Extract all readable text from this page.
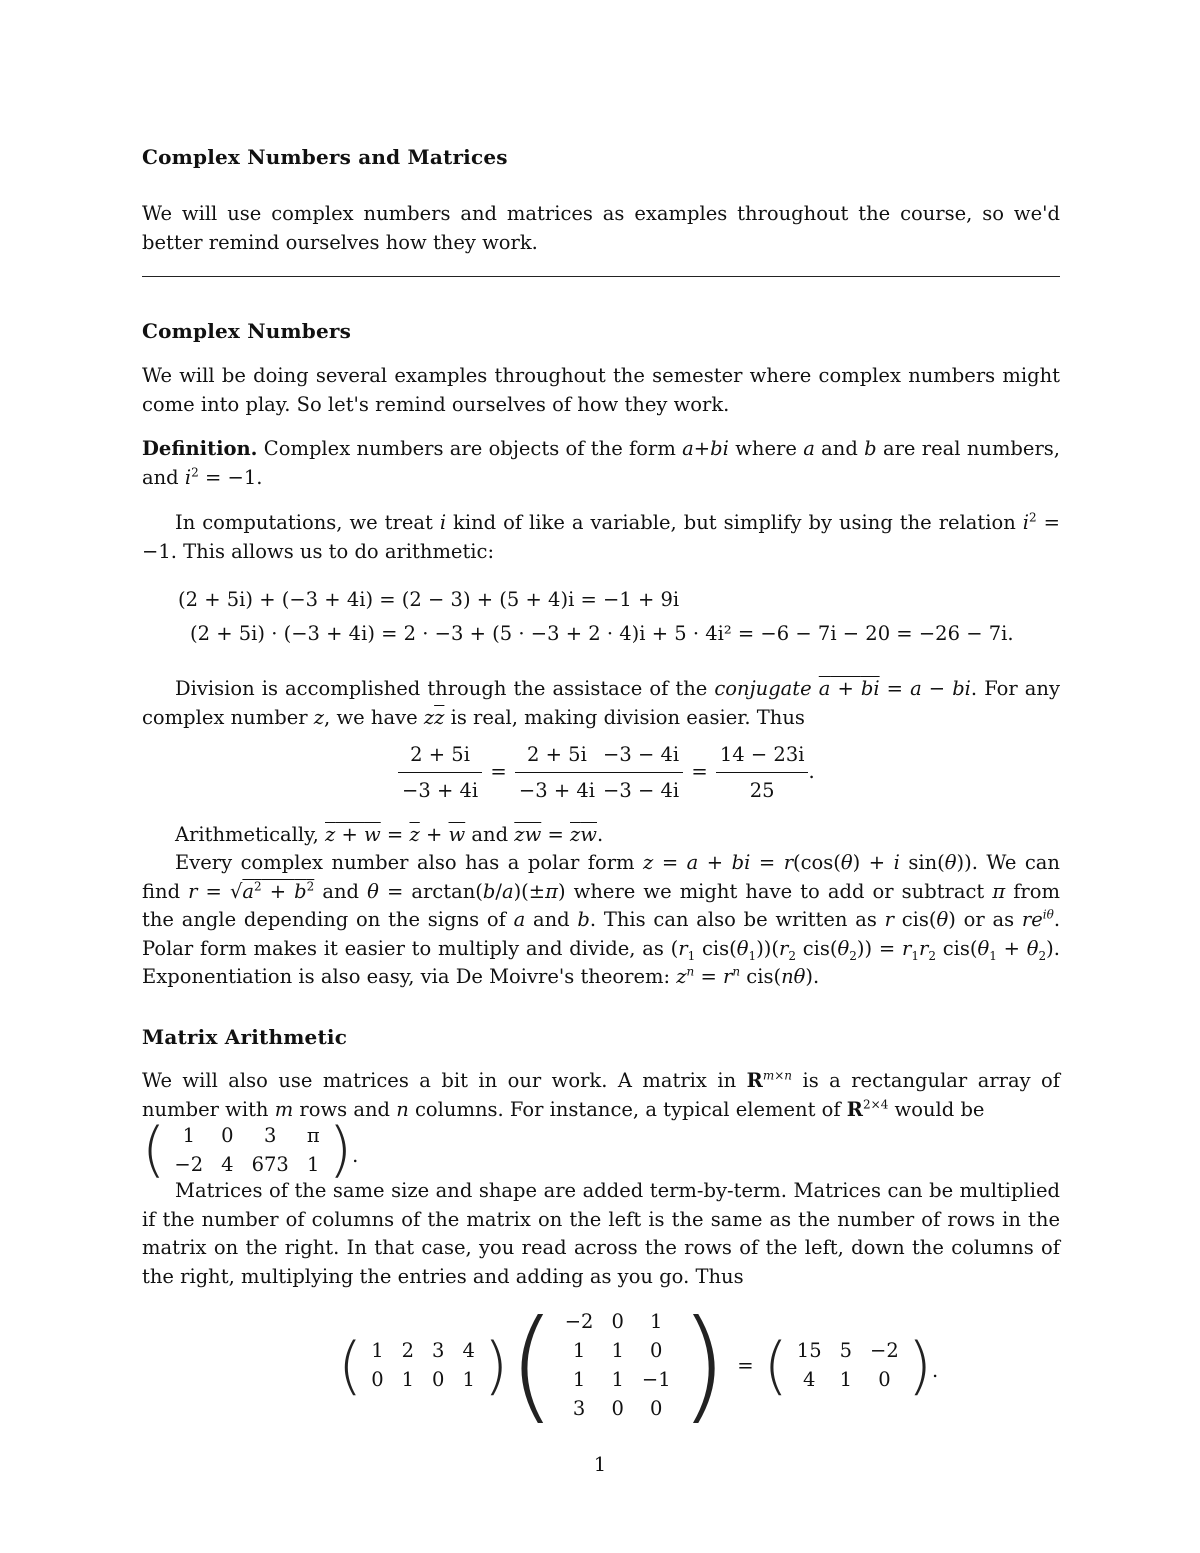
Complex Numbers and Matrices
We will use complex numbers and matrices as examples throughout the course, so we'd better remind ourselves how they work.
Complex Numbers
We will be doing several examples throughout the semester where complex numbers might come into play. So let's remind ourselves of how they work.
Definition. Complex numbers are objects of the form a+bi where a and b are real numbers, and $i^2 = -1$.
In computations, we treat i kind of like a variable, but simplify by using the relation $i^2 = -1$. This allows us to do arithmetic:
(2 + 5i) + (−3 + 4i) = (2 − 3) + (5 + 4)i = −1 + 9i
(2 + 5i) · (−3 + 4i) = 2 · −3 + (5 · −3 + 2 · 4)i + 5 · 4i² = −6 − 7i − 20 = −26 − 7i.
Division is accomplished through the assistace of the conjugate a + bi = a − bi. For any complex number z, we have $z\overline{z}$ is real, making division easier. Thus
$\frac{2 + 5i}{-3 + 4i} = \frac{2 + 5i}{-3 + 4i} \frac{-3 - 4i}{-3 - 4i} = \frac{14 - 23i}{25}$ .
Arithmetically, $z + w = \overline{z} + \overline{w}$ and $\overline{zw} = \overline{z}\overline{w}$.
Every complex number also has a polar form z = a + bi = r(cos(θ) + i sin(θ)). We can find $r = √a^2 + b^2$ and θ = arctan(b/a)(±π) where we might have to add or subtract π from the angle depending on the signs of a and b. This can also be written as r cis(θ) or as $re^{i\theta}$. Polar form makes it easier to multiply and divide, as ($r_1$ $cis(\theta_1))(r_2$ $cis(\theta_2)) = r_1r_2$ $cis(\theta_1 + \theta_2)$. Exponentiation is also easy, via De Moivre's theorem: $z^n = r^n$ cis(nθ).
Matrix Arithmetic
We will also use matrices a bit in our work. A matrix in $R^{m\times n}$ is a rectangular array of number with m rows and n columns. For instance, a typical element of $R^{2\times 4}$ would be
( 1	0	3	π
−2	4	673	1 ) .
Matrices of the same size and shape are added term-by-term. Matrices can be multiplied if the number of columns of the matrix on the left is the same as the number of rows in the matrix on the right. In that case, you read across the rows of the left, down the columns of the right, multiplying the entries and adding as you go. Thus
( 1	2	3	4
0	1	0	1 ) ( −2	0	1
1	1	0
1	1	−1
3	0	0 ) = ( 15	5	−2
4	1	0 ) .
1
